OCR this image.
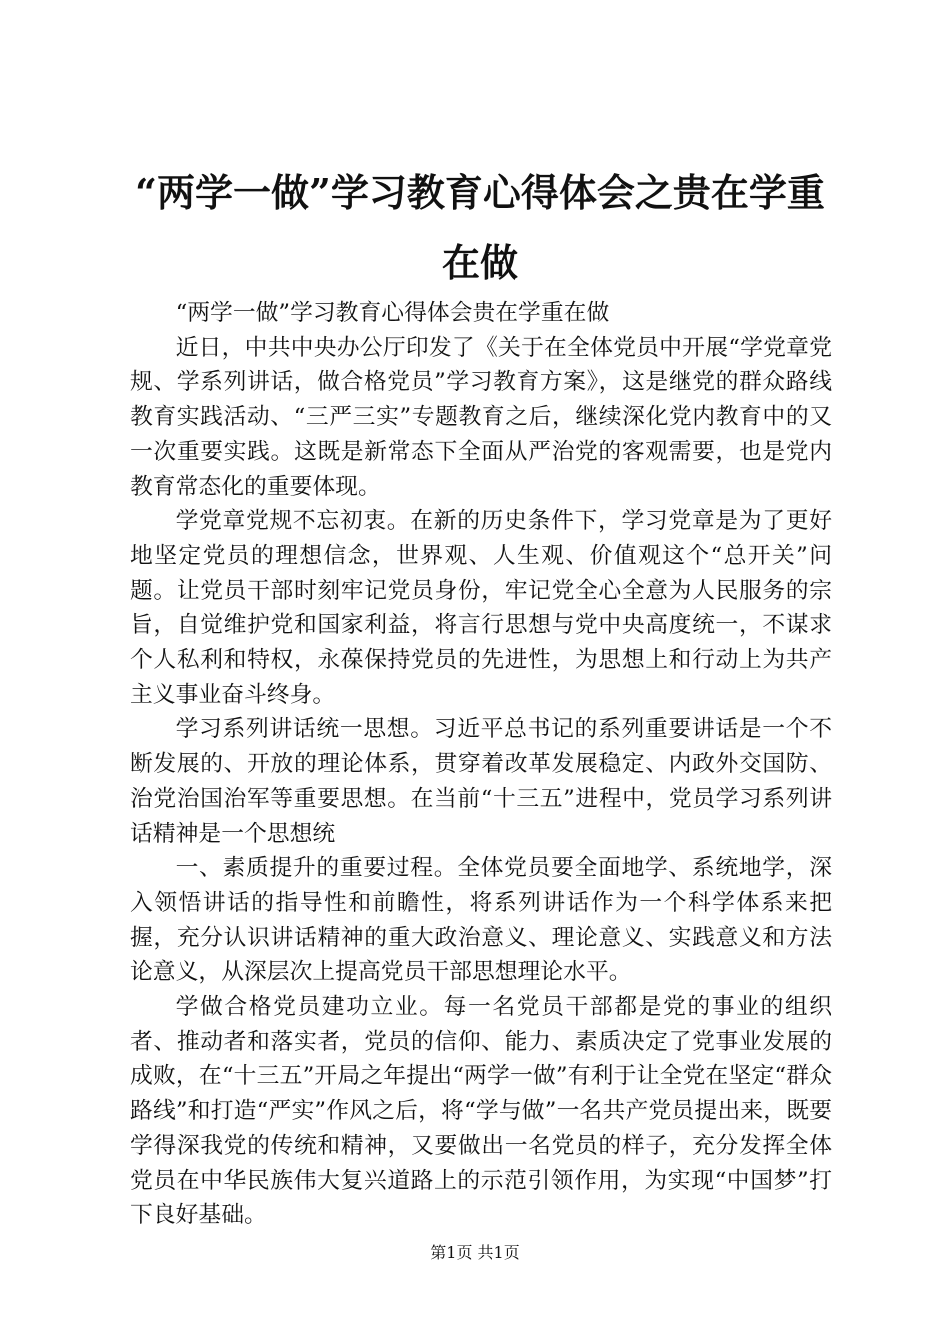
“两学一做”学习教育心得体会之贵在学重在做

“两学一做”学习教育心得体会贵在学重在做

近日，中共中央办公厅印发了《关于在全体党员中开展“学党章党规、学系列讲话，做合格党员”学习教育方案》，这是继党的群众路线教育实践活动、“三严三实”专题教育之后，继续深化党内教育中的又一次重要实践。这既是新常态下全面从严治党的客观需要，也是党内教育常态化的重要体现。

学党章党规不忘初衷。在新的历史条件下，学习党章是为了更好地坚定党员的理想信念，世界观、人生观、价值观这个“总开关”问题。让党员干部时刻牢记党员身份，牢记党全心全意为人民服务的宗旨，自觉维护党和国家利益，将言行思想与党中央高度统一，不谋求个人私利和特权，永葆保持党员的先进性，为思想上和行动上为共产主义事业奋斗终身。

学习系列讲话统一思想。习近平总书记的系列重要讲话是一个不断发展的、开放的理论体系，贯穿着改革发展稳定、内政外交国防、治党治国治军等重要思想。在当前“十三五”进程中，党员学习系列讲话精神是一个思想统

一、素质提升的重要过程。全体党员要全面地学、系统地学，深入领悟讲话的指导性和前瞻性，将系列讲话作为一个科学体系来把握，充分认识讲话精神的重大政治意义、理论意义、实践意义和方法论意义，从深层次上提高党员干部思想理论水平。

学做合格党员建功立业。每一名党员干部都是党的事业的组织者、推动者和落实者，党员的信仰、能力、素质决定了党事业发展的成败，在“十三五”开局之年提出“两学一做”有利于让全党在坚定“群众路线”和打造“严实”作风之后，将“学与做”一名共产党员提出来，既要学得深我党的传统和精神，又要做出一名党员的样子，充分发挥全体党员在中华民族伟大复兴道路上的示范引领作用，为实现“中国梦”打下良好基础。

第1页 共1页
